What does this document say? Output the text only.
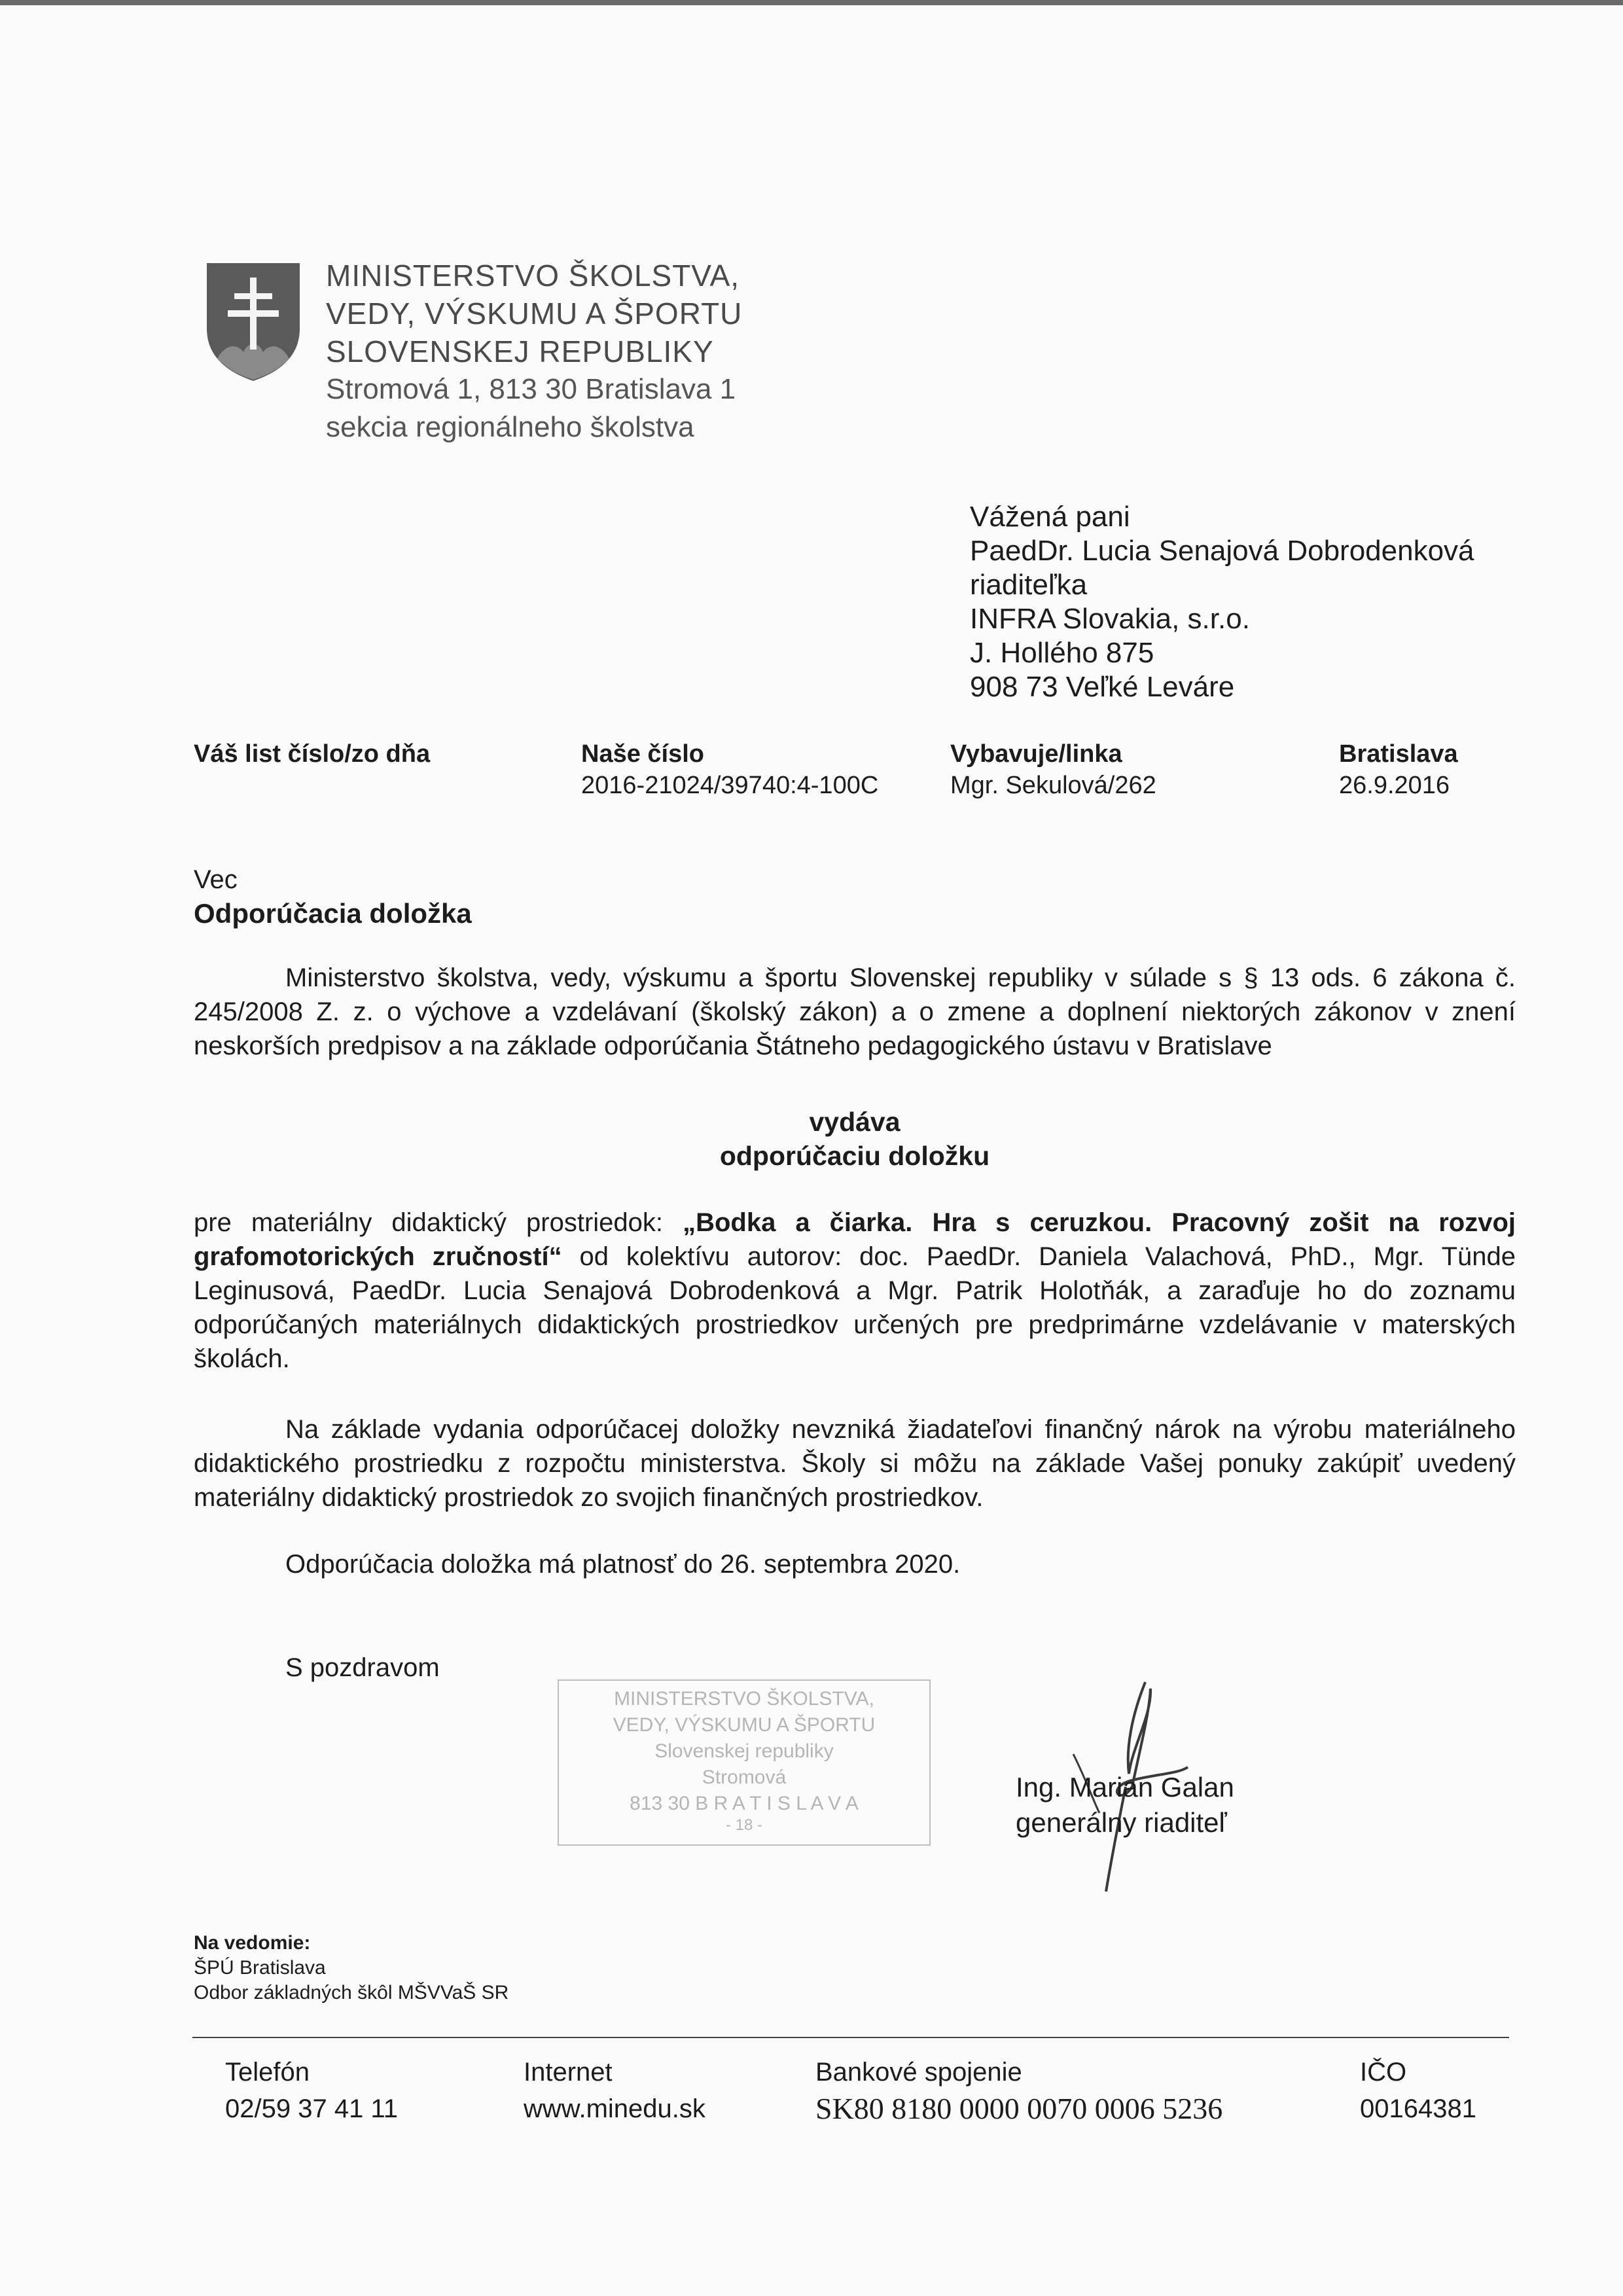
MINISTERSTVO ŠKOLSTVA,
VEDY, VÝSKUMU A ŠPORTU
SLOVENSKEJ REPUBLIKY
Stromová 1, 813 30 Bratislava 1
sekcia regionálneho školstva
Vážená pani
PaedDr. Lucia Senajová Dobrodenková
riaditeľka
INFRA Slovakia, s.r.o.
J. Hollého 875
908 73 Veľké Leváre
Váš list číslo/zo dňa	Naše číslo
2016-21024/39740:4-100C
Vybavuje/linka
Mgr. Sekulová/262
Bratislava
26.9.2016
Vec
Odporúčacia doložka
Ministerstvo školstva, vedy, výskumu a športu Slovenskej republiky v súlade s § 13 ods. 6 zákona č. 245/2008 Z. z. o výchove a vzdelávaní (školský zákon) a o zmene a doplnení niektorých zákonov v znení neskorších predpisov a na základe odporúčania Štátneho pedagogického ústavu v Bratislave
vydáva
odporúčaciu doložku
pre materiálny didaktický prostriedok: „Bodka a čiarka. Hra s ceruzkou. Pracovný zošit na rozvoj grafomotorických zručností“ od kolektívu autorov: doc. PaedDr. Daniela Valachová, PhD., Mgr. Tünde Leginusová, PaedDr. Lucia Senajová Dobrodenková a Mgr. Patrik Holotňák, a zaraďuje ho do zoznamu odporúčaných materiálnych didaktických prostriedkov určených pre predprimárne vzdelávanie v materských školách.
Na základe vydania odporúčacej doložky nevzniká žiadateľovi finančný nárok na výrobu materiálneho didaktického prostriedku z rozpočtu ministerstva. Školy si môžu na základe Vašej ponuky zakúpiť uvedený materiálny didaktický prostriedok zo svojich finančných prostriedkov.
Odporúčacia doložka má platnosť do 26. septembra 2020.
S pozdravom
MINISTERSTVO ŠKOLSTVA,
VEDY, VÝSKUMU A ŠPORTU
Slovenskej republiky
Stromová
813 30 B R A T I S L A V A
- 18 -
Ing. Marian Galan
generálny riaditeľ
Na vedomie:
ŠPÚ Bratislava
Odbor základných škôl MŠVVaŠ SR
Telefón
02/59 37 41 11
Internet
www.minedu.sk
Bankové spojenie
SK80 8180 0000 0070 0006 5236
IČO
00164381
